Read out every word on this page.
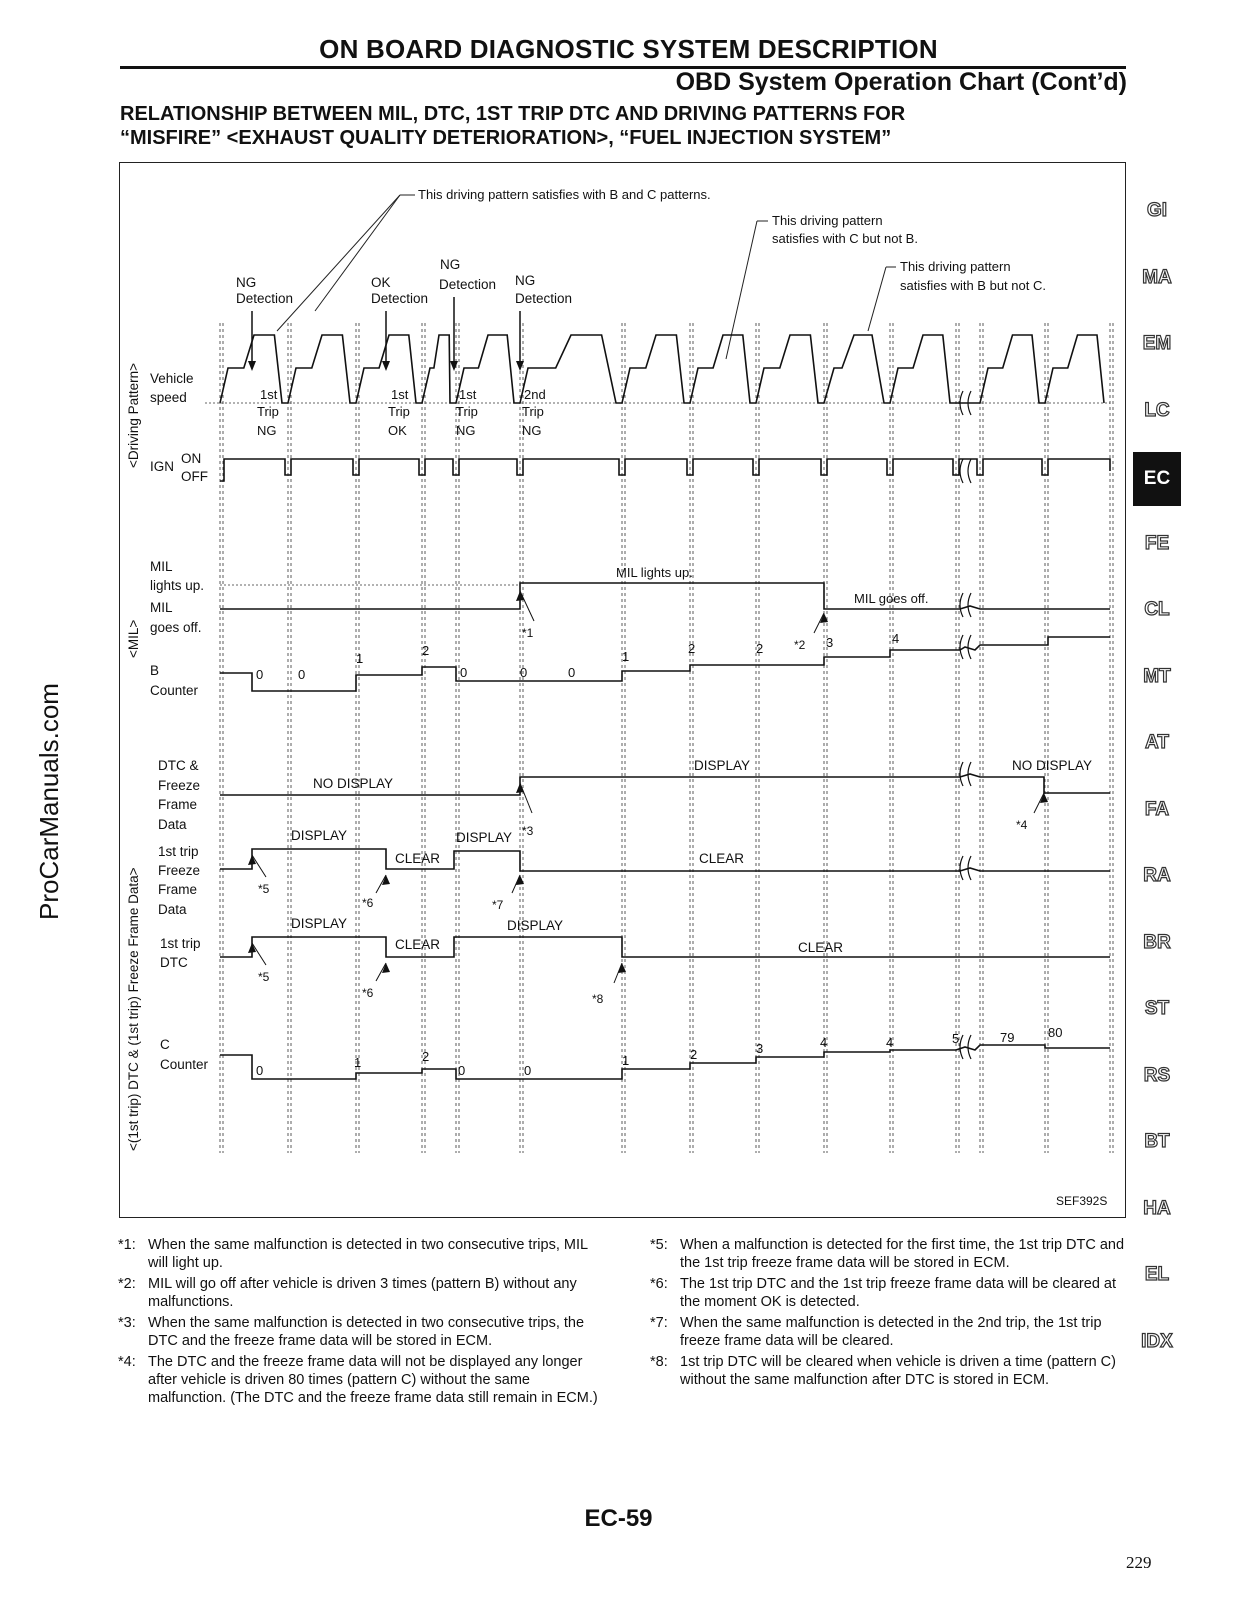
ON BOARD DIAGNOSTIC SYSTEM DESCRIPTION
OBD System Operation Chart (Cont’d)
RELATIONSHIP BETWEEN MIL, DTC, 1ST TRIP DTC AND DRIVING PATTERNS FOR
“MISFIRE” <EXHAUST QUALITY DETERIORATION>, “FUEL INJECTION SYSTEM”
This driving pattern satisfies with B and C patterns.
This driving pattern
satisfies with C but not B.
This driving pattern
satisfies with B but not C.
NG
Detection
OK
Detection
NG
Detection NG
Detection
<Driving Pattern>
<MIL>
<(1st trip) DTC & (1st trip) Freeze Frame Data>
Vehicle
speed
IGN
ON
OFF
MIL
lights up.
MIL
goes off.
B
Counter
DTC &
Freeze
Frame
Data
1st trip
Freeze
Frame
Data
1st trip
DTC
C
Counter
1st
Trip
NG
1st
Trip
OK
1st
Trip
NG
2nd
Trip
NG
MIL lights up.
MIL goes off.
0	0
1
2
0	0	0
1
2	2	3	4
NO DISPLAY
DISPLAY	NO DISPLAY
DISPLAY
CLEAR
DISPLAY
CLEAR
DISPLAY
CLEAR
DISPLAY
CLEAR
0
1	2
0	0
1	2	3	4	4	5	79	80
*1
*2
*3	*4
*5
*6	*7
*8
*5
*6
SEF392S
*1: When the same malfunction is detected in two consecutive trips, MIL will light up.
*2: MIL will go off after vehicle is driven 3 times (pattern B) without any malfunctions.
*3: When the same malfunction is detected in two consecutive trips, the DTC and the freeze frame data will be stored in ECM.
*4: The DTC and the freeze frame data will not be displayed any longer after vehicle is driven 80 times (pattern C) without the same malfunction. (The DTC and the freeze frame data still remain in ECM.)
*5: When a malfunction is detected for the first time, the 1st trip DTC and the 1st trip freeze frame data will be stored in ECM.
*6: The 1st trip DTC and the 1st trip freeze frame data will be cleared at the moment OK is detected.
*7: When the same malfunction is detected in the 2nd trip, the 1st trip freeze frame data will be cleared.
*8: 1st trip DTC will be cleared when vehicle is driven a time (pattern C) without the same malfunction after DTC is stored in ECM.
GI
MA
EM
LC
EC
FE
CL
MT
AT
FA
RA
BR
ST
RS
BT
HA
EL
IDX
ProCarManuals.com
EC-59
229
